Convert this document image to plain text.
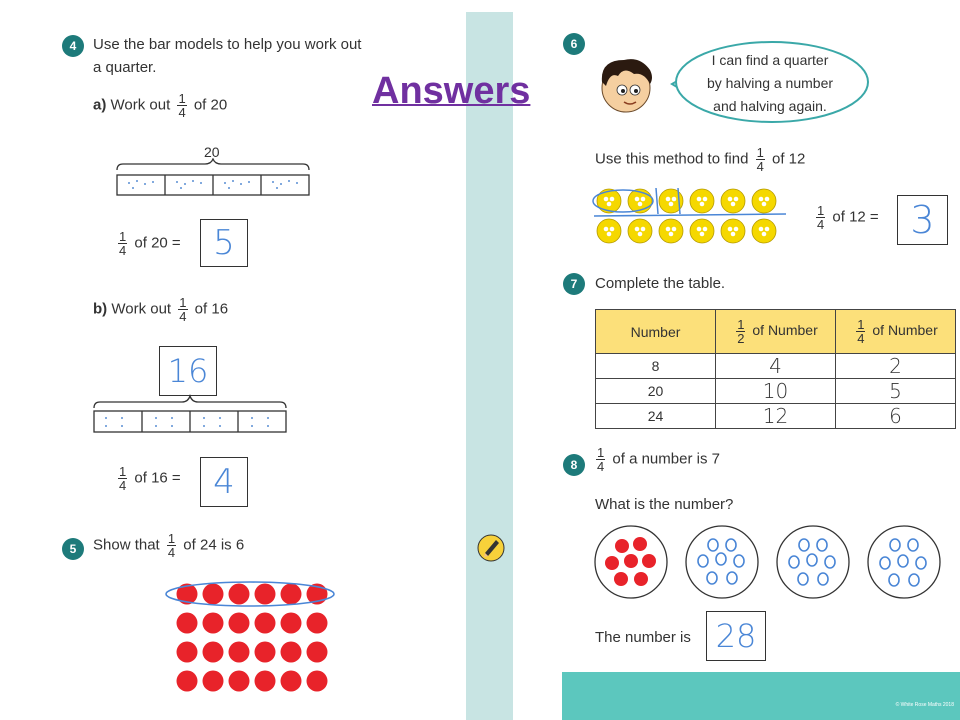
Answers
4	Use the bar models to help you work out
a quarter.
a) Work out $\frac{1}{4}$ of 20
20
$\frac{1}{4}$ of 20 = 5
b) Work out $\frac{1}{4}$ of 16
16
$\frac{1}{4}$ of 16 = 4
5	Show that $\frac{1}{4}$ of 24 is 6
6
I can find a quarter
by halving a number
and halving again.
Use this method to find $\frac{1}{4}$ of 12
$\frac{1}{4}$ of 12 = 3
7	Complete the table.
Number	$\frac{1}{2}$ of Number	$\frac{1}{4}$ of Number
8	4	2
20	10	5
24	12	6
8	$\frac{1}{4}$ of a number is 7
What is the number?
The number is 28
© White Rose Maths 2018
